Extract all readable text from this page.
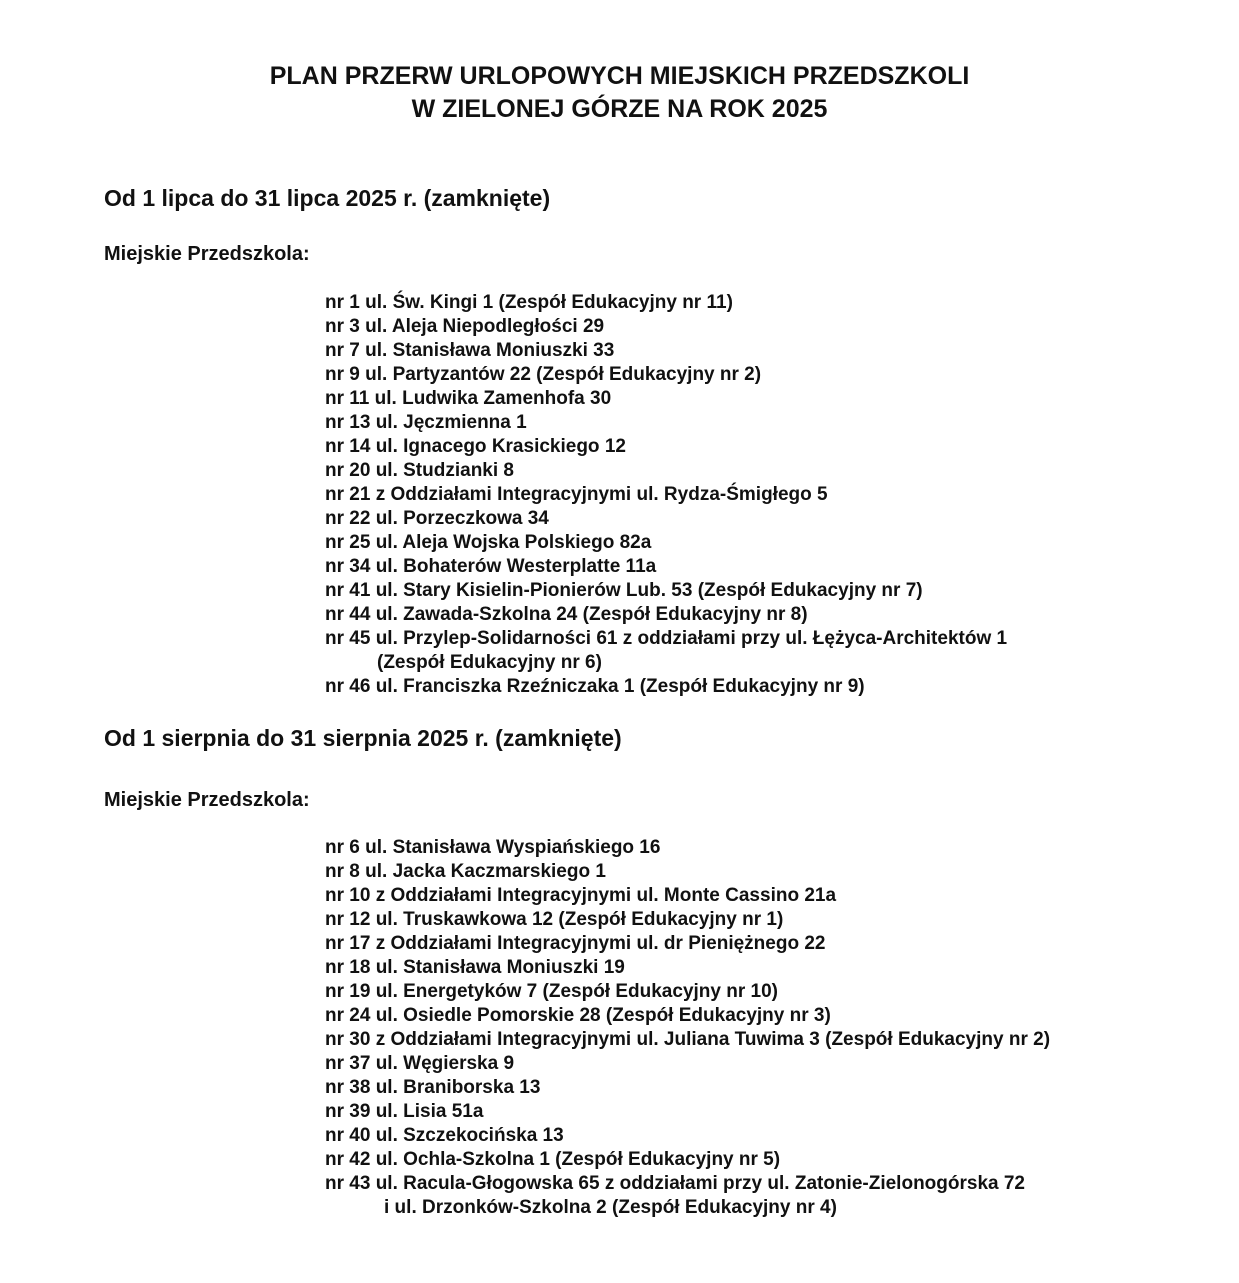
PLAN PRZERW URLOPOWYCH MIEJSKICH PRZEDSZKOLI
W ZIELONEJ GÓRZE NA ROK 2025
Od 1 lipca do 31 lipca 2025 r. (zamknięte)
Miejskie Przedszkola:
nr 1 ul. Św. Kingi 1 (Zespół Edukacyjny nr 11)
nr 3 ul. Aleja Niepodległości 29
nr 7 ul. Stanisława Moniuszki 33
nr 9 ul. Partyzantów 22 (Zespół Edukacyjny nr 2)
nr 11 ul. Ludwika Zamenhofa 30
nr 13 ul. Jęczmienna 1
nr 14 ul. Ignacego Krasickiego 12
nr 20 ul. Studzianki 8
nr 21 z Oddziałami Integracyjnymi ul. Rydza-Śmigłego 5
nr 22 ul. Porzeczkowa 34
nr 25 ul. Aleja Wojska Polskiego 82a
nr 34 ul. Bohaterów Westerplatte 11a
nr 41 ul. Stary Kisielin-Pionierów Lub. 53 (Zespół Edukacyjny nr 7)
nr 44 ul. Zawada-Szkolna 24 (Zespół Edukacyjny nr 8)
nr 45 ul. Przylep-Solidarności 61 z oddziałami przy ul. Łężyca-Architektów 1
(Zespół Edukacyjny nr 6)
nr 46 ul. Franciszka Rzeźniczaka 1 (Zespół Edukacyjny nr 9)
Od 1 sierpnia do 31 sierpnia 2025 r. (zamknięte)
Miejskie Przedszkola:
nr 6 ul. Stanisława Wyspiańskiego 16
nr 8 ul. Jacka Kaczmarskiego 1
nr 10 z Oddziałami Integracyjnymi ul. Monte Cassino 21a
nr 12 ul. Truskawkowa 12 (Zespół Edukacyjny nr 1)
nr 17 z Oddziałami Integracyjnymi ul. dr Pieniężnego 22
nr 18 ul. Stanisława Moniuszki 19
nr 19 ul. Energetyków 7 (Zespół Edukacyjny nr 10)
nr 24 ul. Osiedle Pomorskie 28 (Zespół Edukacyjny nr 3)
nr 30 z Oddziałami Integracyjnymi ul. Juliana Tuwima 3 (Zespół Edukacyjny nr 2)
nr 37 ul. Węgierska 9
nr 38 ul. Braniborska 13
nr 39 ul. Lisia 51a
nr 40 ul. Szczekocińska 13
nr 42 ul. Ochla-Szkolna 1 (Zespół Edukacyjny nr 5)
nr 43 ul. Racula-Głogowska 65 z oddziałami przy ul. Zatonie-Zielonogórska 72
i ul. Drzonków-Szkolna 2 (Zespół Edukacyjny nr 4)
